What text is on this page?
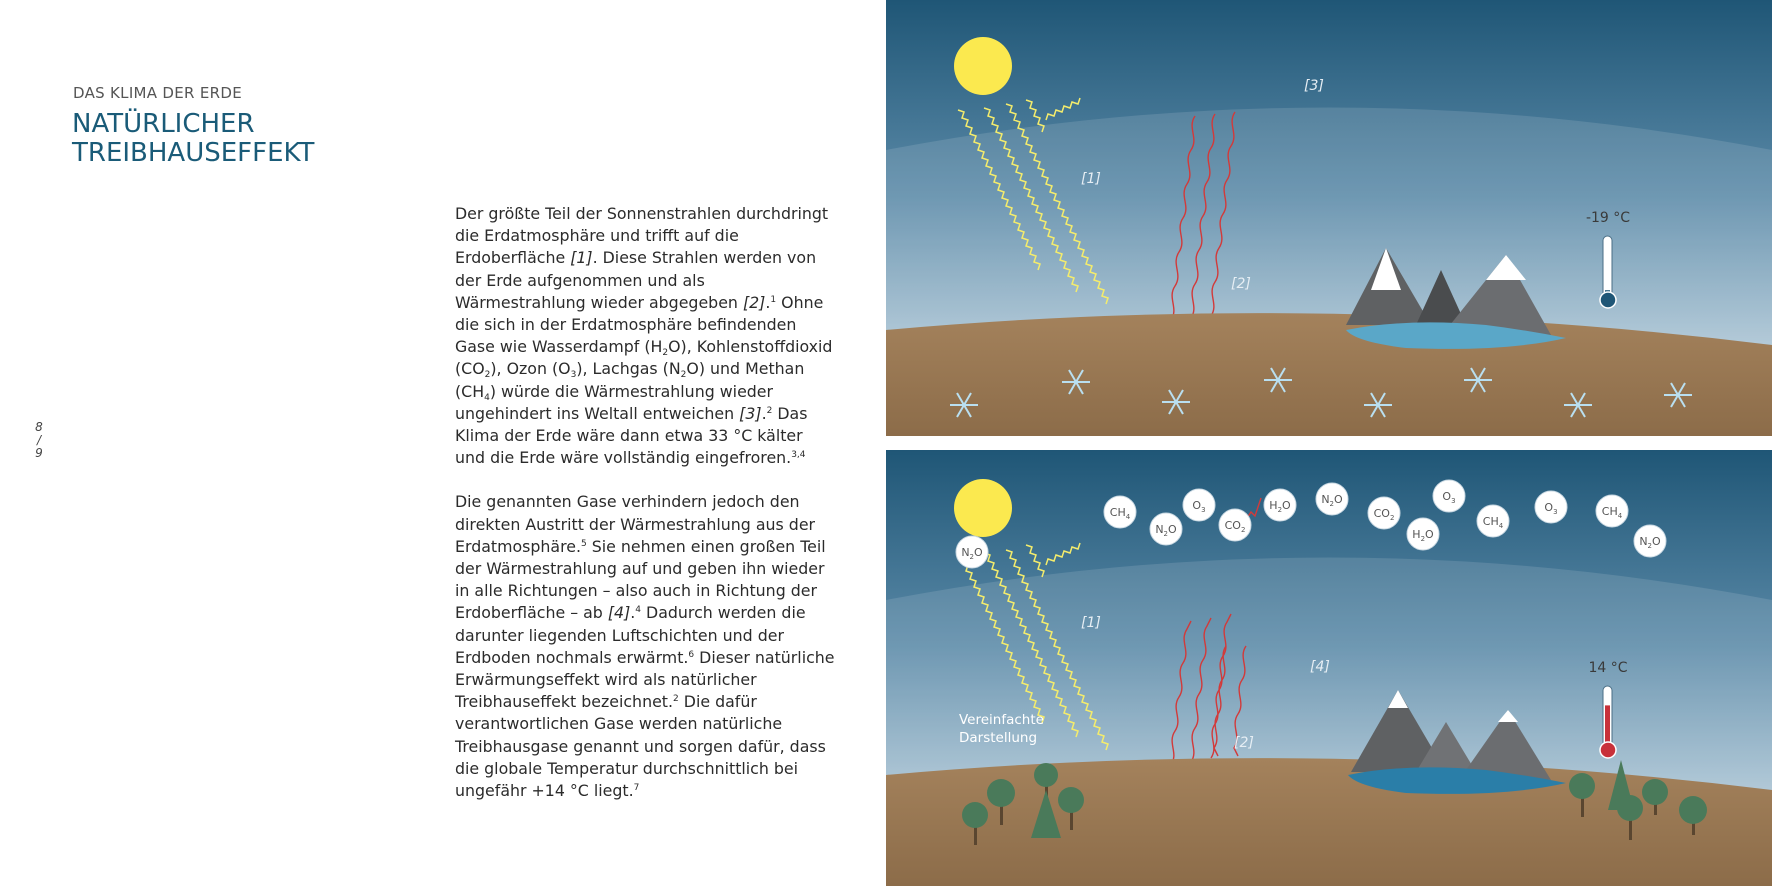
DAS KLIMA DER ERDE
NATÜRLICHER
TREIBHAUSEFFEKT
8
/
9

Der größte Teil der Sonnenstrahlen durchdringt die Erdatmosphäre und trifft auf die Erdoberfläche [1]. Diese Strahlen werden von der Erde aufgenommen und als Wärmestrahlung wieder abgegeben [2].$^1$ Ohne die sich in der Erdatmosphäre befindenden Gase wie Wasserdampf $(H_2O)$, Kohlenstoffdioxid $(CO_2)$, Ozon $(O_3)$, Lachgas $(N_2O)$ und Methan $(CH_4)$ würde die Wärmestrahlung wieder ungehindert ins Weltall entweichen [3].$^2$ Das Klima der Erde wäre dann etwa 33 °C kälter und die Erde wäre vollständig eingefroren.$^{3,4}$

Die genannten Gase verhindern jedoch den direkten Austritt der Wärmestrahlung aus der Erdatmosphäre.$^5$ Sie nehmen einen großen Teil der Wärmestrahlung auf und geben ihn wieder in alle Richtungen – also auch in Richtung der Erdoberfläche – ab [4].$^4$ Dadurch werden die darunter liegenden Luftschichten und der Erdboden nochmals erwärmt.$^6$ Dieser natürliche Erwärmungseffekt wird als natürlicher Treibhauseffekt bezeichnet.$^2$ Die dafür verantwortlichen Gase werden natürliche Treibhausgase genannt und sorgen dafür, dass die globale Temperatur durchschnittlich bei ungefähr +14 °C liegt.$^7$

[1]
[2]
[3]
-19 °C
$N_2O$
$CH_4$
$N_2O$
$O_3$
$CO_2$
$H_2O$	$N_2O$
$CO_2$
$H_2O$
$O_3$
$CH_4$
$O_3$	$CH_4$
$N_2O$
[1]
[2]
[4]
Vereinfachte
Darstellung
14 °C
